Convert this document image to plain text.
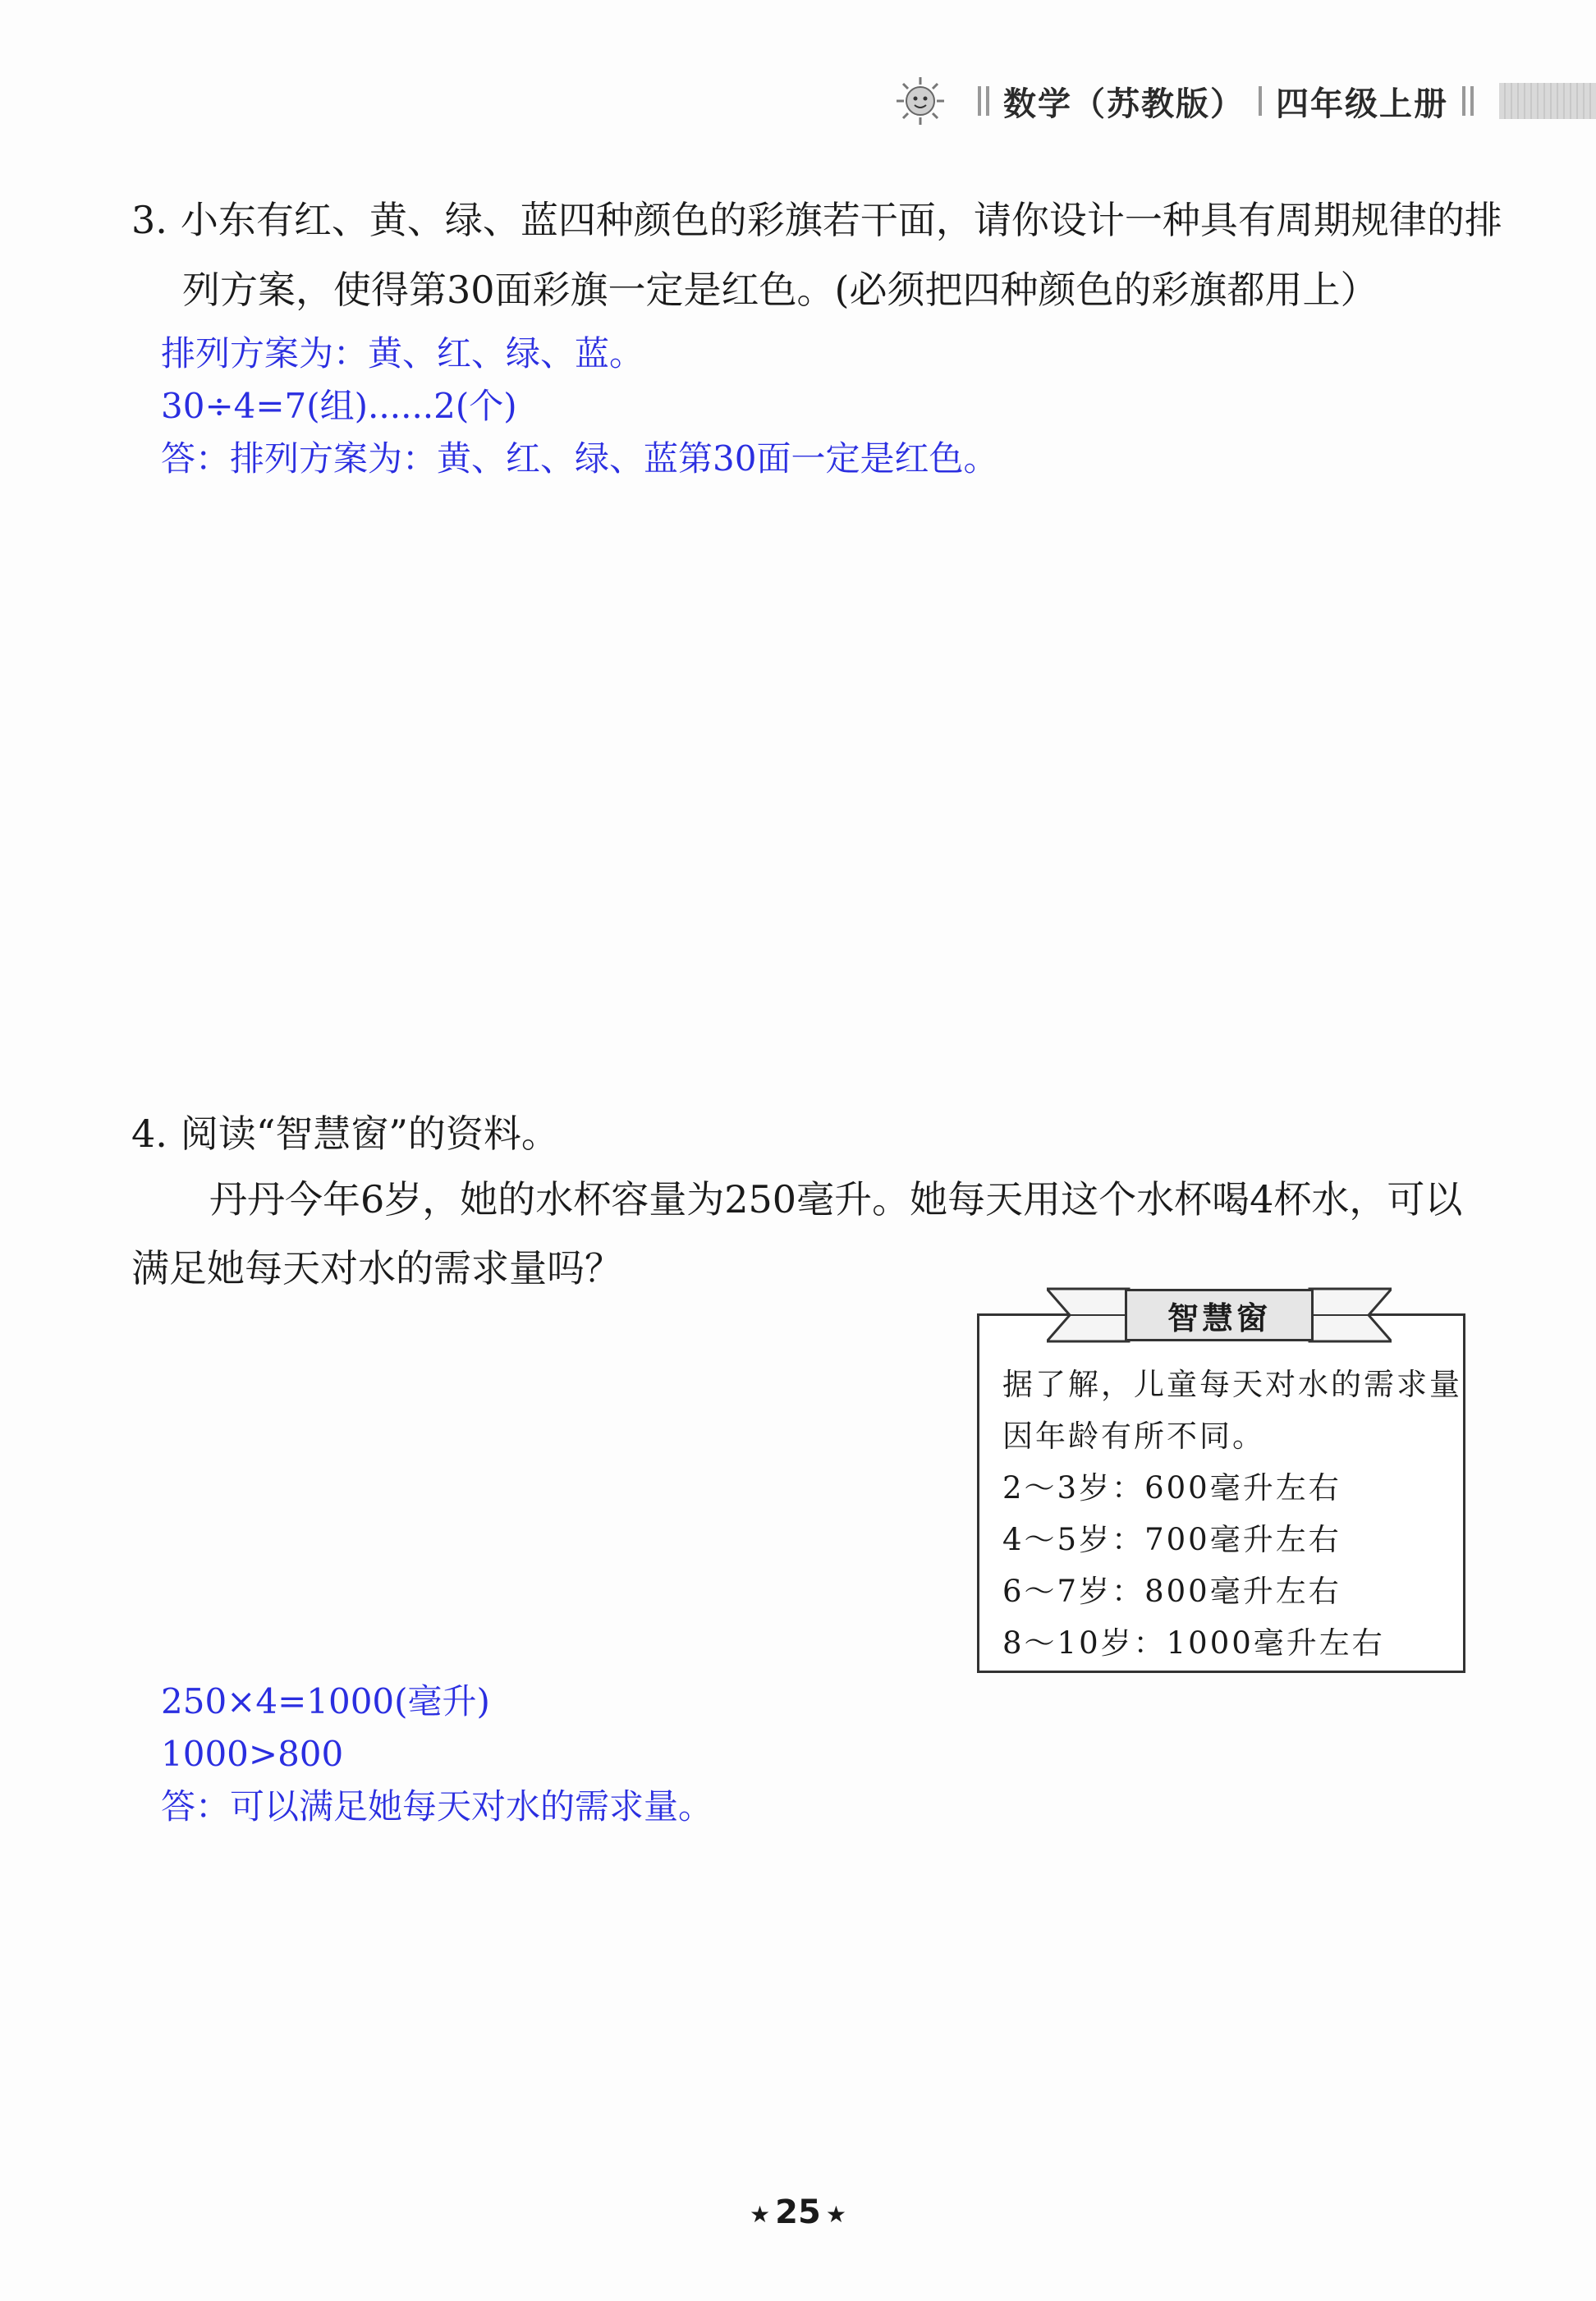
数学（苏教版） 四年级上册
3. 小东有红、黄、绿、蓝四种颜色的彩旗若干面，请你设计一种具有周期规律的排
列方案，使得第30面彩旗一定是红色。(必须把四种颜色的彩旗都用上）
排列方案为：黄、红、绿、蓝。
30÷4=7(组)......2(个)
答：排列方案为：黄、红、绿、蓝第30面一定是红色。
4. 阅读“智慧窗”的资料。
丹丹今年6岁，她的水杯容量为250毫升。她每天用这个水杯喝4杯水，可以
满足她每天对水的需求量吗？
据了解，儿童每天对水的需求量
因年龄有所不同。
2～3岁：600毫升左右
4～5岁：700毫升左右
6～7岁：800毫升左右
8～10岁：1000毫升左右
智慧窗
250×4=1000(毫升)
1000>800
答：可以满足她每天对水的需求量。
★ 25 ★
